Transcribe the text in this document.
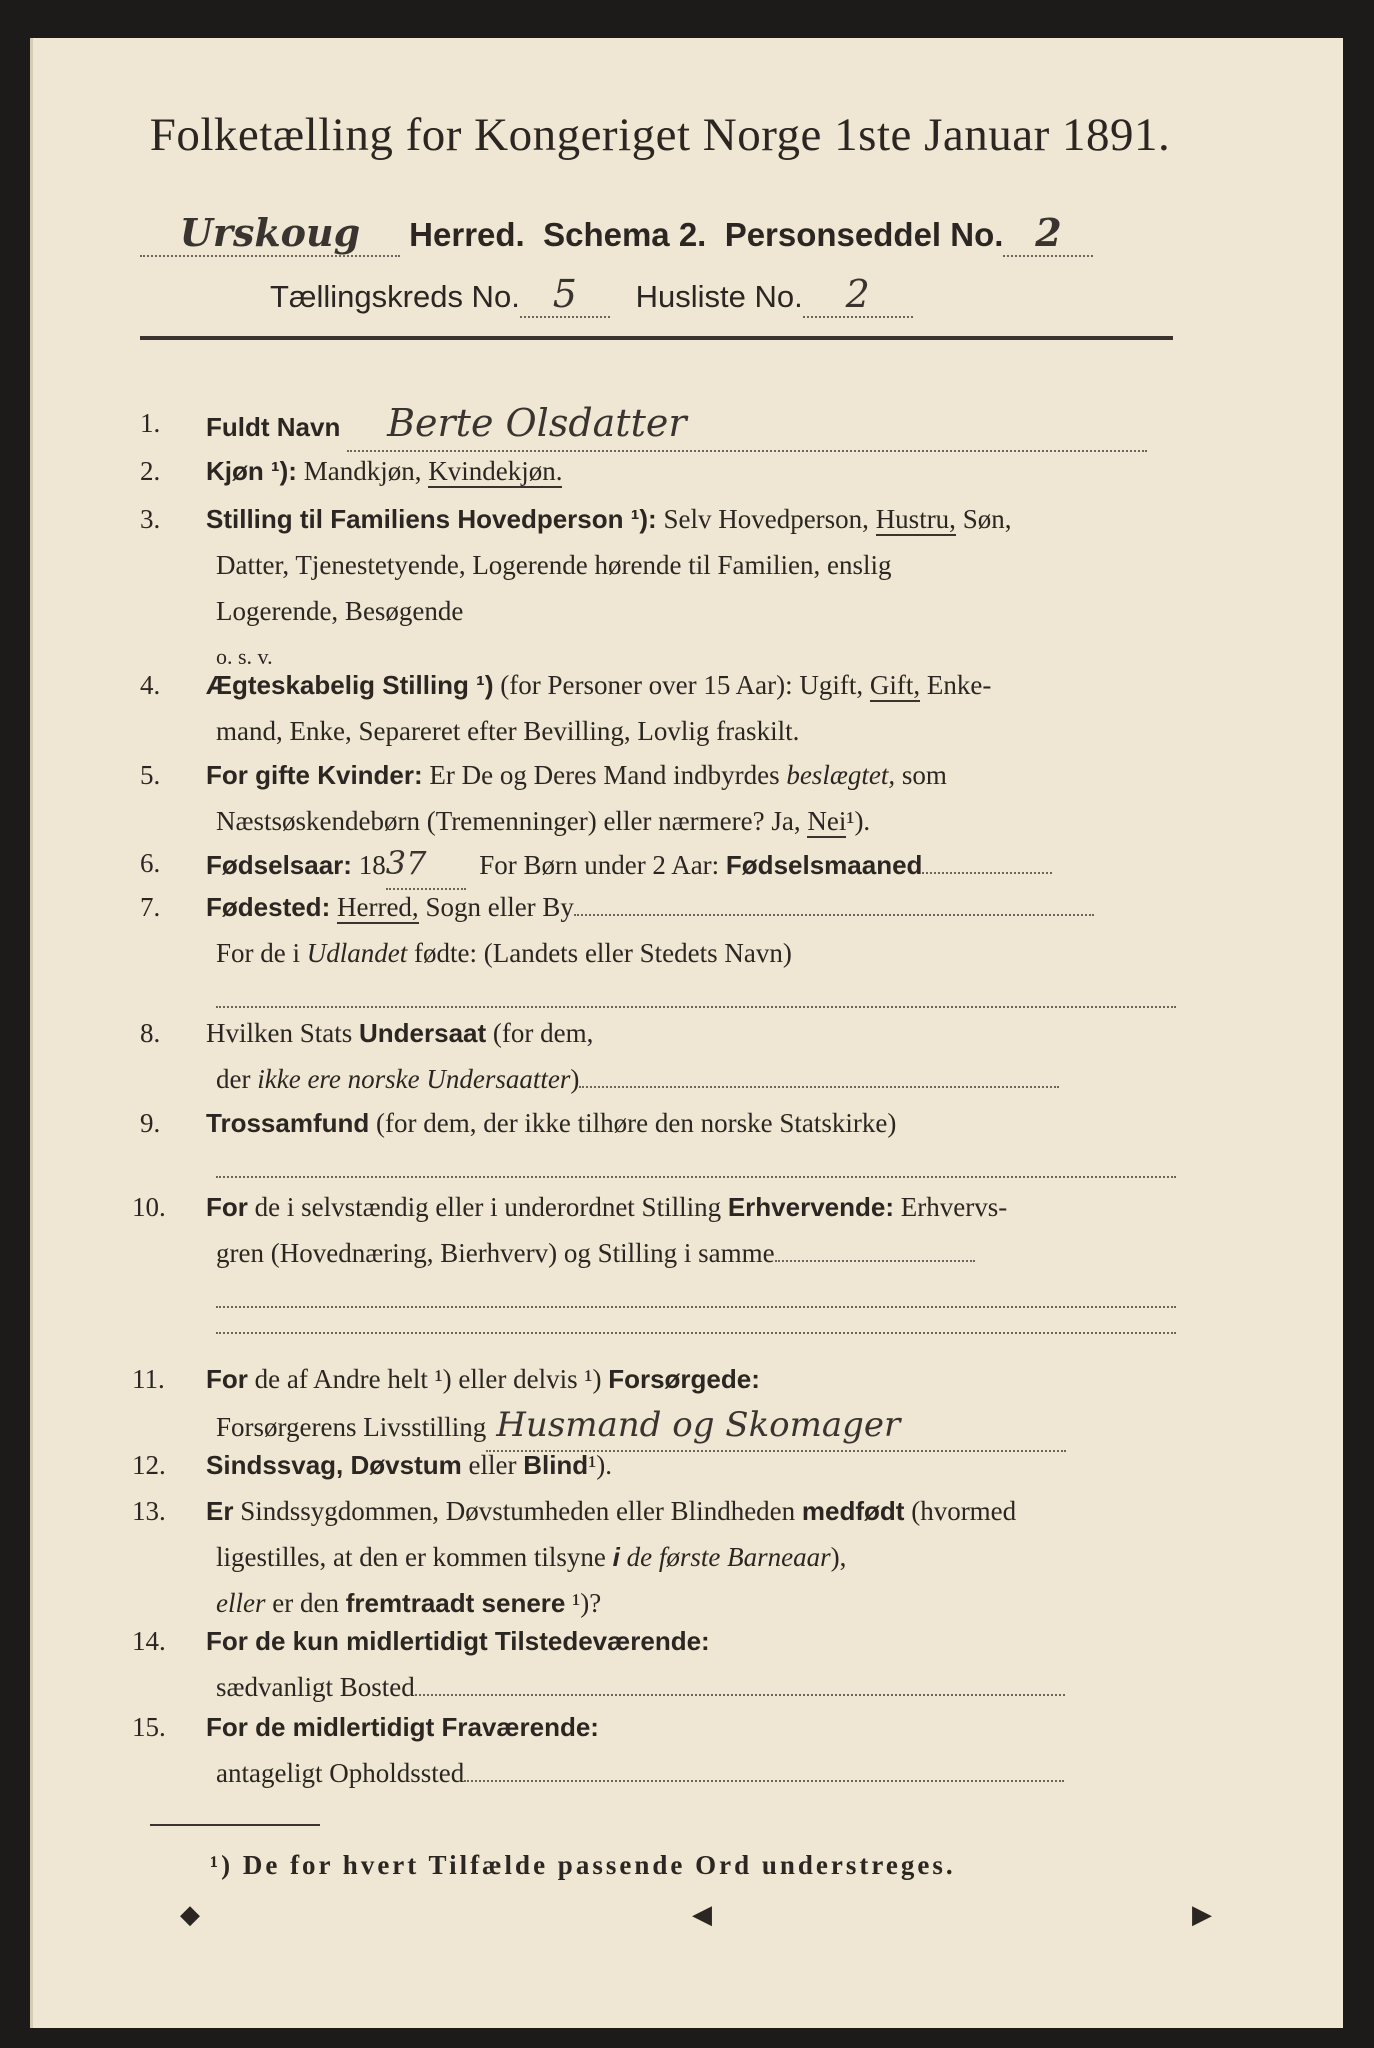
Folketælling for Kongeriget Norge 1ste Januar 1891.
Urskoug Herred. Schema 2. Personseddel No. 2
Tællingskreds No. 5 Husliste No. 2
1.	Fuldt Navn Berte Olsdatter
2.	Kjøn ¹): Mandkjøn, Kvindekjøn.
3.	Stilling til Familiens Hovedperson ¹): Selv Hovedperson, Hustru, Søn,
Datter, Tjenestetyende, Logerende hørende til Familien, enslig
Logerende, Besøgende
o. s. v.
4.	Ægteskabelig Stilling ¹) (for Personer over 15 Aar): Ugift, Gift, Enke-
mand, Enke, Separeret efter Bevilling, Lovlig fraskilt.
5.	For gifte Kvinder: Er De og Deres Mand indbyrdes beslægtet, som
Næstsøskendebørn (Tremenninger) eller nærmere? Ja, Nei¹).
6.	Fødselsaar: 1837 For Børn under 2 Aar: Fødselsmaaned
7.	Fødested: Herred, Sogn eller By
For de i Udlandet fødte: (Landets eller Stedets Navn)
8.	Hvilken Stats Undersaat (for dem,
der ikke ere norske Undersaatter)
9.	Trossamfund (for dem, der ikke tilhøre den norske Statskirke)
10.	For de i selvstændig eller i underordnet Stilling Erhvervende: Erhvervs-
gren (Hovednæring, Bierhverv) og Stilling i samme
11.	For de af Andre helt ¹) eller delvis ¹) Forsørgede:
Forsørgerens Livsstilling Husmand og Skomager
12.	Sindssvag, Døvstum eller Blind¹).
13.	Er Sindssygdommen, Døvstumheden eller Blindheden medfødt (hvormed
ligestilles, at den er kommen tilsyne i de første Barneaar),
eller er den fremtraadt senere ¹)?
14.	For de kun midlertidigt Tilstedeværende:
sædvanligt Bosted
15.	For de midlertidigt Fraværende:
antageligt Opholdssted
¹) De for hvert Tilfælde passende Ord understreges.
◆	◀	▶
